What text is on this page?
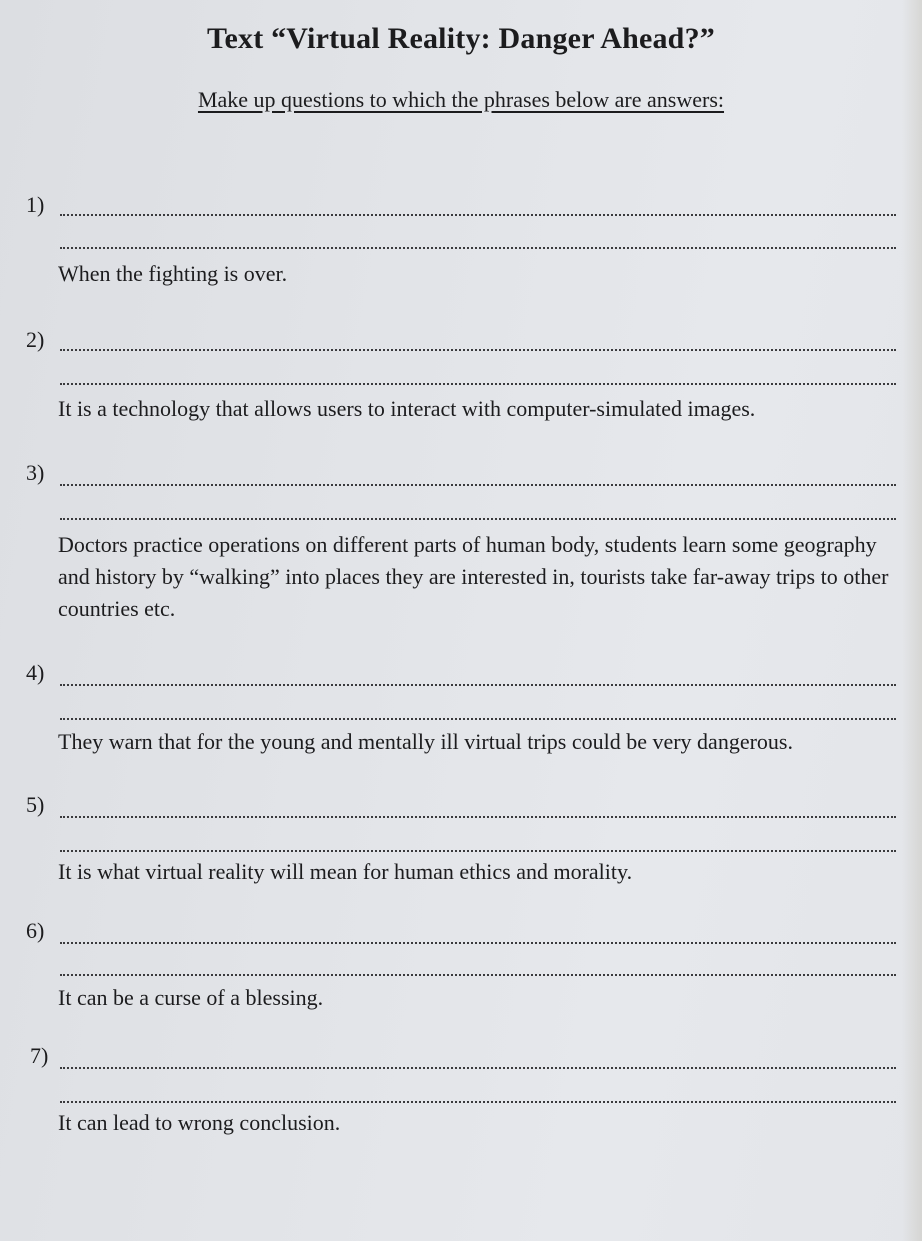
Text “Virtual Reality: Danger Ahead?”
Make up questions to which the phrases below are answers:
1)
When the fighting is over.
2)
It is a technology that allows users to interact with computer-simulated images.
3)
Doctors practice operations on different parts of human body, students learn some geography and history by “walking” into places they are interested in, tourists take far-away trips to other countries etc.
4)
They warn that for the young and mentally ill virtual trips could be very dangerous.
5)
It is what virtual reality will mean for human ethics and morality.
6)
It can be a curse of a blessing.
7)
It can lead to wrong conclusion.
